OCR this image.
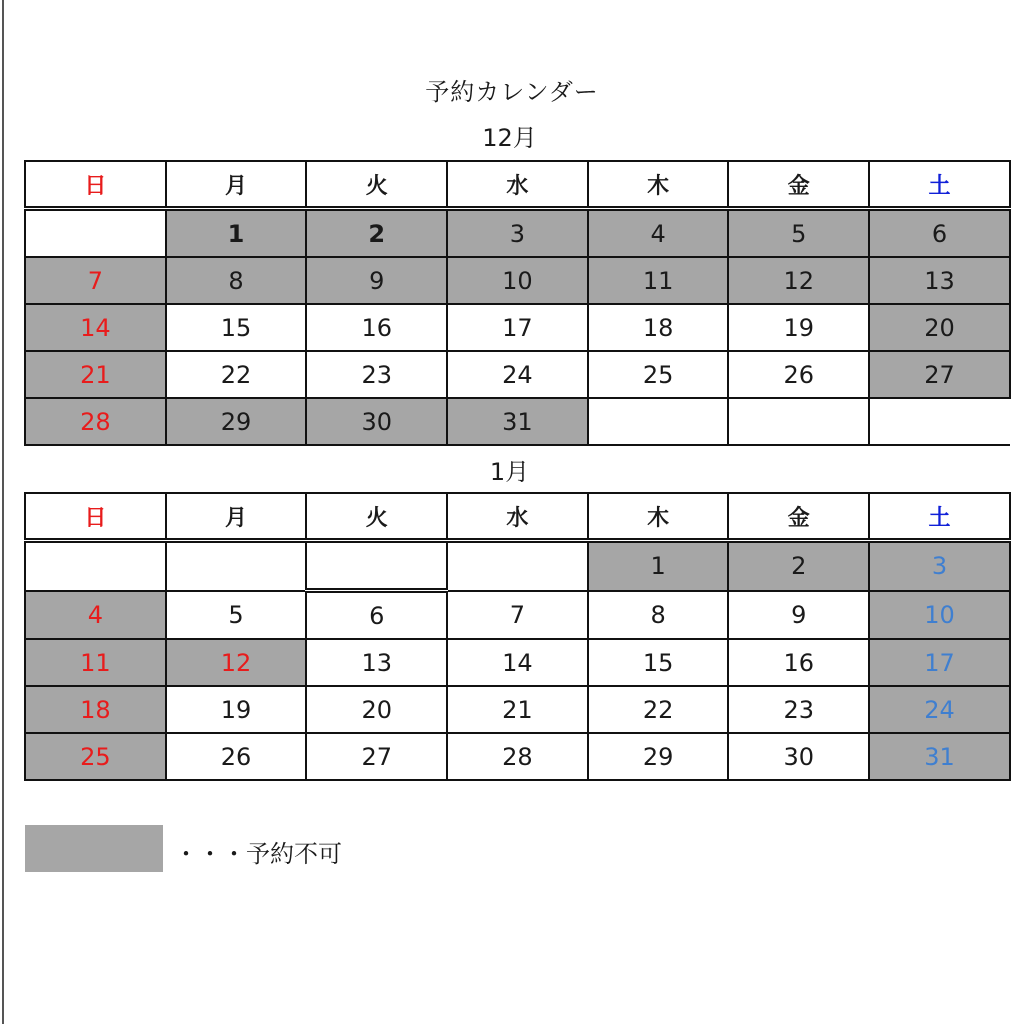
予約カレンダー
12月
日	月	火	水	木	金	土
	1	2	3	4	5	6
7	8	9	10	11	12	13
14	15	16	17	18	19	20
21	22	23	24	25	26	27
28	29	30	31			
1月
日	月	火	水	木	金	土
				1	2	3
4	5	6	7	8	9	10
11	12	13	14	15	16	17
18	19	20	21	22	23	24
25	26	27	28	29	30	31
・・・予約不可
